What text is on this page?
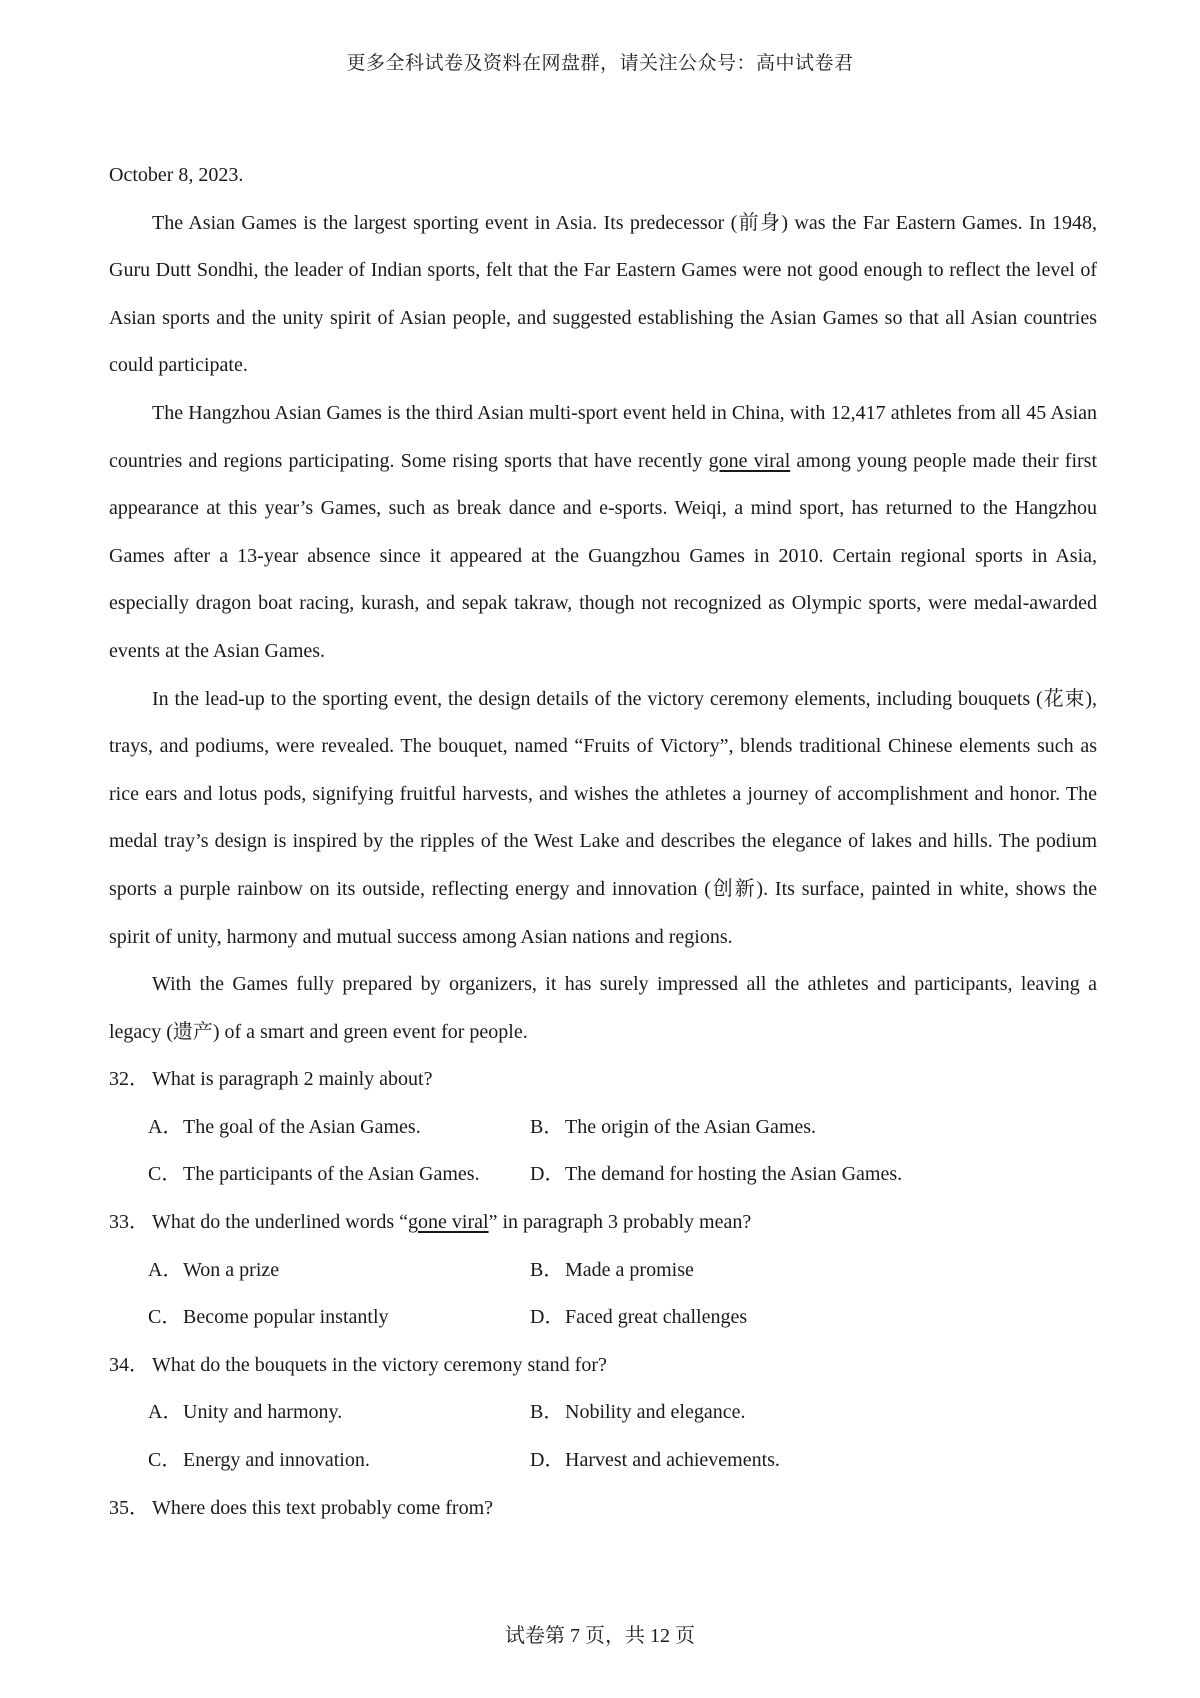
更多全科试卷及资料在网盘群，请关注公众号：高中试卷君

October 8, 2023.

The Asian Games is the largest sporting event in Asia. Its predecessor (前身) was the Far Eastern Games. In 1948, Guru Dutt Sondhi, the leader of Indian sports, felt that the Far Eastern Games were not good enough to reflect the level of Asian sports and the unity spirit of Asian people, and suggested establishing the Asian Games so that all Asian countries could participate.

The Hangzhou Asian Games is the third Asian multi-sport event held in China, with 12,417 athletes from all 45 Asian countries and regions participating. Some rising sports that have recently gone viral among young people made their first appearance at this year’s Games, such as break dance and e-sports. Weiqi, a mind sport, has returned to the Hangzhou Games after a 13-year absence since it appeared at the Guangzhou Games in 2010. Certain regional sports in Asia, especially dragon boat racing, kurash, and sepak takraw, though not recognized as Olympic sports, were medal-awarded events at the Asian Games.

In the lead-up to the sporting event, the design details of the victory ceremony elements, including bouquets (花束), trays, and podiums, were revealed. The bouquet, named “Fruits of Victory”, blends traditional Chinese elements such as rice ears and lotus pods, signifying fruitful harvests, and wishes the athletes a journey of accomplishment and honor. The medal tray’s design is inspired by the ripples of the West Lake and describes the elegance of lakes and hills. The podium sports a purple rainbow on its outside, reflecting energy and innovation (创新). Its surface, painted in white, shows the spirit of unity, harmony and mutual success among Asian nations and regions.

With the Games fully prepared by organizers, it has surely impressed all the athletes and participants, leaving a legacy (遗产) of a smart and green event for people.

32． What is paragraph 2 mainly about?

A．The goal of the Asian Games.	B．The origin of the Asian Games.
C．The participants of the Asian Games.	D．The demand for hosting the Asian Games.

33． What do the underlined words “gone viral” in paragraph 3 probably mean?

A．Won a prize	B．Made a promise
C．Become popular instantly	D．Faced great challenges

34． What do the bouquets in the victory ceremony stand for?

A．Unity and harmony.	B．Nobility and elegance.
C．Energy and innovation.	D．Harvest and achievements.

35． Where does this text probably come from?

试卷第 7 页，共 12 页
